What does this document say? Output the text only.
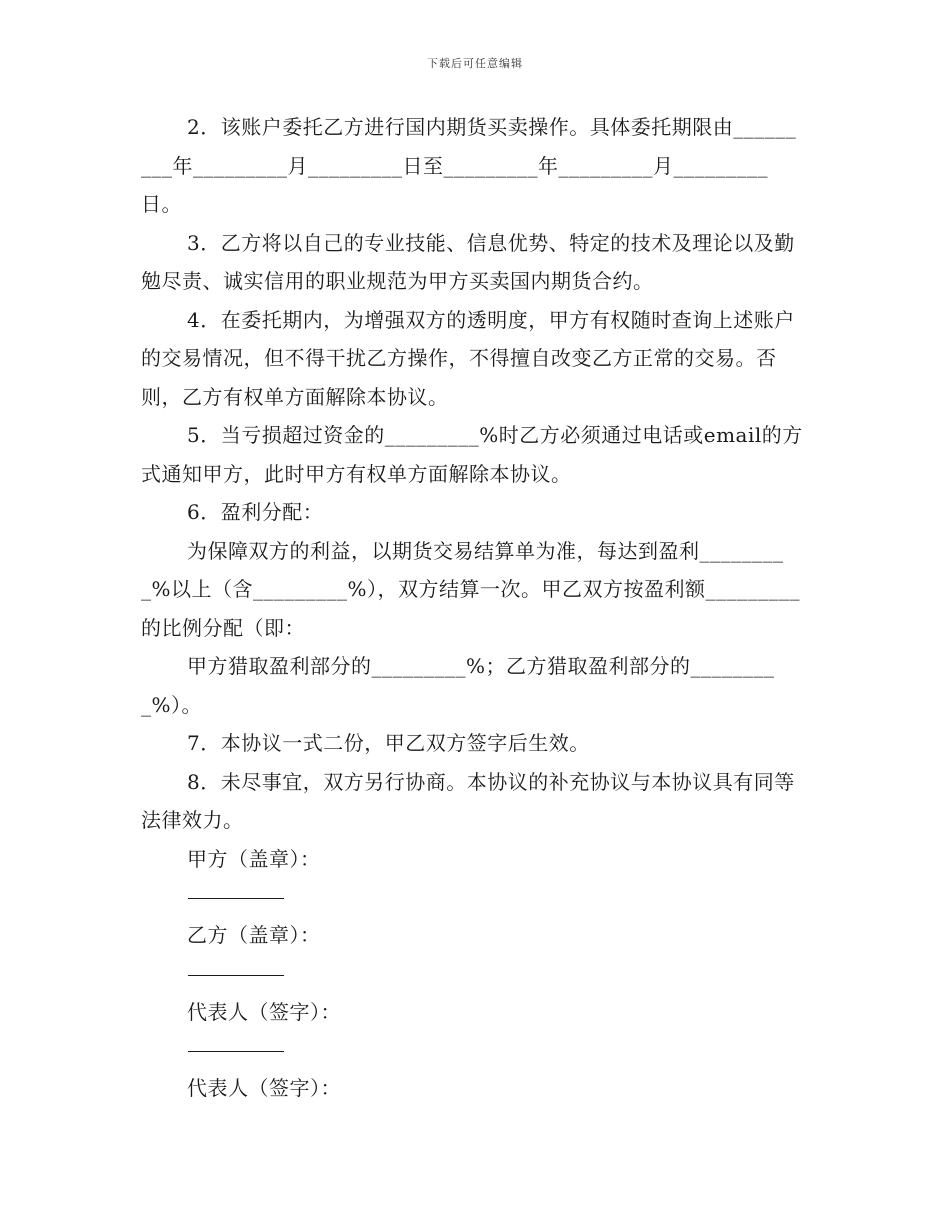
下载后可任意编辑

2．该账户委托乙方进行国内期货买卖操作。具体委托期限由_________年_________月_________日至_________年_________月_________日。

3．乙方将以自己的专业技能、信息优势、特定的技术及理论以及勤勉尽责、诚实信用的职业规范为甲方买卖国内期货合约。

4．在委托期内，为增强双方的透明度，甲方有权随时查询上述账户的交易情况，但不得干扰乙方操作，不得擅自改变乙方正常的交易。否则，乙方有权单方面解除本协议。

5．当亏损超过资金的_________%时乙方必须通过电话或email的方式通知甲方，此时甲方有权单方面解除本协议。

6．盈利分配：

为保障双方的利益，以期货交易结算单为准，每达到盈利_________%以上（含_________%），双方结算一次。甲乙双方按盈利额_________的比例分配（即：

甲方猎取盈利部分的_________%；乙方猎取盈利部分的_________%）。

7．本协议一式二份，甲乙双方签字后生效。

8．未尽事宜，双方另行协商。本协议的补充协议与本协议具有同等法律效力。

甲方（盖章）：

乙方（盖章）：

代表人（签字）：

代表人（签字）：
